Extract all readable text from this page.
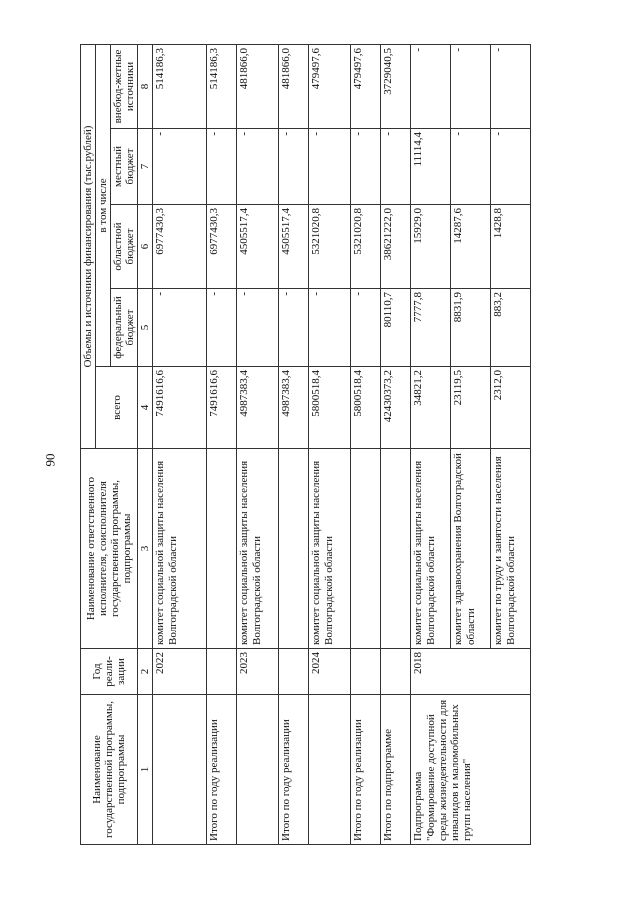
90
Наименование государственной программы, подпрограммы	Год реали-зации	Наименование ответственного исполнителя, соисполнителя государственной программы, подпрограммы	Объемы и источники финансирования (тыс.рублей)				
			всего	в том числе			
				федеральный бюджет	областной бюджет	местный бюджет	внебюд-жетные источники
1	2	3	4	5	6	7	8
	2022	комитет социальной защиты населения Волгоградской области	7491616,6	-	6977430,3	-	514186,3
Итого по году реализации			7491616,6	-	6977430,3	-	514186,3
	2023	комитет социальной защиты населения Волгоградской области	4987383,4	-	4505517,4	-	481866,0
Итого по году реализации			4987383,4	-	4505517,4	-	481866,0
	2024	комитет социальной защиты населения Волгоградской области	5800518,4	-	5321020,8	-	479497,6
Итого по году реализации			5800518,4	-	5321020,8	-	479497,6
Итого по подпрограмме			42430373,2	80110,7	38621222,0	-	3729040,5
Подпрограмма "Формирование доступной среды жизнедеятельности для инвалидов и маломобильных групп населения"	2018	комитет социальной защиты населения Волгоградской области	34821,2	7777,8	15929,0	11114,4	-
		комитет здравоохранения Волгоградской области	23119,5	8831,9	14287,6	-	-
		комитет по труду и занятости населения Волгоградской области	2312,0	883,2	1428,8	-	-
